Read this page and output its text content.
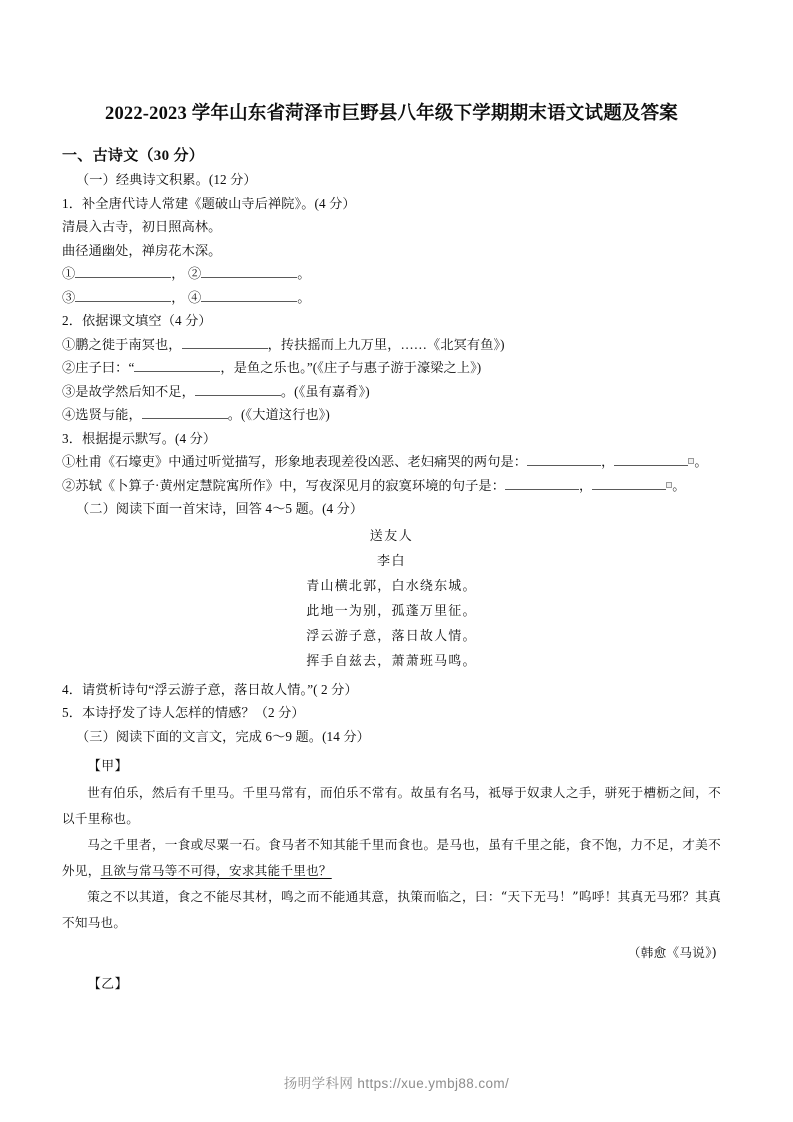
2022-2023 学年山东省菏泽市巨野县八年级下学期期末语文试题及答案
一、古诗文（30 分）
（一）经典诗文积累。(12 分）
1．补全唐代诗人常建《题破山寺后禅院》。(4 分）
清晨入古寺，初日照高林。
曲径通幽处，禅房花木深。
①	， ②	。
③	， ④	。
2．依据课文填空（4 分）
①鹏之徙于南冥也，	，抟扶摇而上九万里，……《北冥有鱼》)
②庄子曰：“	，是鱼之乐也。”(《庄子与惠子游于濠梁之上》)
③是故学然后知不足，	。(《虽有嘉肴》)
④选贤与能，	。(《大道这行也》)
3．根据提示默写。(4 分）
①杜甫《石壕吏》中通过听觉描写，形象地表现差役凶恶、老妇痛哭的两句是：	，	。
②苏轼《卜算子·黄州定慧院寓所作》中，写夜深见月的寂寞环境的句子是：	，	。
（二）阅读下面一首宋诗，回答 4～5 题。(4 分）
送友人
李白
青山横北郭，白水绕东城。
此地一为别，孤蓬万里征。
浮云游子意，落日故人情。
挥手自兹去，萧萧班马鸣。
4．请赏析诗句“浮云游子意，落日故人情。”( 2 分）
5．本诗抒发了诗人怎样的情感？（2 分）
（三）阅读下面的文言文，完成 6～9 题。(14 分）
【甲】

世有伯乐，然后有千里马。千里马常有，而伯乐不常有。故虽有名马，祗辱于奴隶人之手，骈死于槽枥之间，不以千里称也。

马之千里者，一食或尽粟一石。食马者不知其能千里而食也。是马也，虽有千里之能，食不饱，力不足，才美不外见，且欲与常马等不可得，安求其能千里也？

策之不以其道，食之不能尽其材，鸣之而不能通其意，执策而临之，曰：“天下无马！”呜呼！其真无马邪？其真不知马也。

（韩愈《马说》)
【乙】
扬明学科网 https://xue.ymbj88.com/
